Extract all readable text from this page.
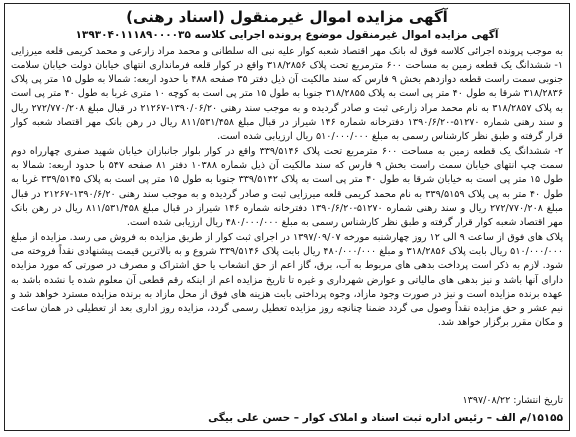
آگهی مزایده اموال غیرمنقول (اسناد رهنی)
آگهی مزایده اموال غیرمنقول موضوع پرونده اجرایی کلاسه ۱۳۹۳۰۴۰۱۱۱۸۹۰۰۰۰۳۵

به موجب پرونده اجرائی کلاسه فوق له بانک مهر اقتصاد شعبه کوار علیه نبی اله سلطانی و محمد مراد زارعی و محمد کریمی قلعه میرزایی ۱- ششدانگ یک قطعه زمین به مساحت ۶۰۰ مترمربع تحت پلاک ۳۱۸/۲۸۵۶ واقع در کوار قلعه فرمانداری انتهای خیابان دولت خیابان سلامت جنوبی سمت راست قطعه دوازدهم بخش ۹ فارس که سند مالکیت آن ذیل دفتر ۳۵ صفحه ۴۸۸ با حدود اربعه: شمالا به طول ۱۵ متر پی پلاک ۳۱۸/۲۸۳۶ شرقا به طول ۴۰ متر پی است به پلاک ۳۱۸/۲۸۵۵ جنوبا به طول ۱۵ متر پی است به کوچه ۱۰ متری غربا به طول ۴۰ متر پی است به پلاک ۳۱۸/۲۸۵۷ به نام محمد مراد زارعی ثبت و صادر گردیده و به موجب سند رهنی ۱۳۹۰/۰۶/۲۰-۲۱۲۶۷ در قبال مبلغ ۲۷۲/۷۷۰/۲۰۸ ریال و سند رهنی شماره ۵۱۲۷۰-۱۳۹۰/۶/۲۰ دفترخانه شماره ۱۴۶ شیراز در قبال مبلغ ۸۱۱/۵۳۱/۴۵۸ ریال در رهن بانک مهر اقتصاد شعبه کوار قرار گرفته و طبق نظر کارشناس رسمی به مبلغ ۵۱۰/۰۰۰/۰۰۰ ریال ارزیابی شده است.

۲- ششدانگ یک قطعه زمین به مساحت ۶۰۰ مترمربع تحت پلاک ۳۳۹/۵۱۴۶ واقع در کوار بلوار جانبازان خیابان شهید صفری چهارراه دوم سمت چپ انتهای خیابان سمت راست بخش ۹ فارس که سند مالکیت آن ذیل شماره ۱۰۳۸۸ دفتر ۸۱ صفحه ۵۴۷ با حدود اربعه: شمالا به طول ۱۵ متر پی است به خیابان شرقا به طول ۴۰ متر پی است به پلاک ۳۳۹/۵۱۴۲ جنوبا به طول ۱۵ متر پی است به پلاک ۳۳۹/۵۱۴۵ غربا به طول ۴۰ متر به پی پلاک ۳۳۹/۵۱۵۹ به نام محمد کریمی قلعه میرزایی ثبت و صادر گردیده و به موجب سند رهنی ۱۳۹۰/۶/۲۰-۲۱۲۶۷ در قبال مبلغ ۲۷۲/۷۷۰/۲۰۸ ریال و سند رهنی شماره ۵۱۲۷۰-۱۳۹۰/۶/۲۰ دفترخانه شماره ۱۴۶ شیراز در قبال مبلغ ۸۱۱/۵۳۱/۴۵۸ ریال در رهن بانک مهر اقتصاد شعبه کوار قرار گرفته و طبق نظر کارشناس رسمی به مبلغ ۴۸۰/۰۰۰/۰۰۰ ریال ارزیابی شده است.

پلاک های فوق از ساعت ۹ الی ۱۲ روز چهارشنبه مورخه ۱۳۹۷/۰۹/۰۷ در اجرای ثبت کوار از طریق مزایده به فروش می رسد. مزایده از مبلغ ۵۱۰/۰۰۰/۰۰۰ ریال بابت پلاک ۳۱۸/۲۸۵۶ و مبلغ ۴۸۰/۰۰۰/۰۰۰ ریال بابت پلاک ۳۳۹/۵۱۴۶ شروع و به بالاترین قیمت پیشنهادی نقداً فروخته می شود. لازم به ذکر است پرداخت بدهی های مربوط به آب، برق، گاز اعم از حق انشعاب یا حق اشتراک و مصرف در صورتی که مورد مزایده دارای آنها باشد و نیز بدهی های مالیاتی و عوارض شهرداری و غیره تا تاریخ مزایده اعم از اینکه رقم قطعی آن معلوم شده یا نشده باشد به عهده برنده مزایده است و نیز در صورت وجود مازاد، وجوه پرداختی بابت هزینه های فوق از محل مازاد به برنده مزایده مسترد خواهد شد و نیم عشر و حق مزایده نقداً وصول می گردد ضمنا چنانچه روز مزایده تعطیل رسمی گردد، مزایده روز اداری بعد از تعطیلی در همان ساعت و مکان مقرر برگزار خواهد شد.

تاریخ انتشار: ۱۳۹۷/۰۸/۲۲
۱۵۱۵۵/م الف – رئیس اداره ثبت اسناد و املاک کوار – حسن علی بیگی
